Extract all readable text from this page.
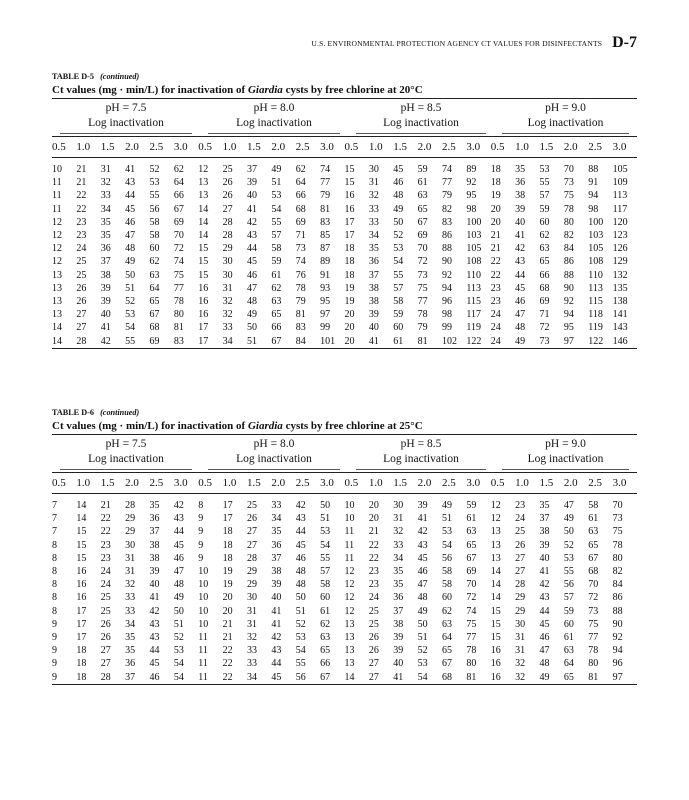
U.S. ENVIRONMENTAL PROTECTION AGENCY CT VALUES FOR DISINFECTANTS D-7
TABLE D-5 (continued)
Ct values (mg · min/L) for inactivation of Giardia cysts by free chlorine at 20°C
pH = 7.5
Log inactivation
pH = 8.0
Log inactivation
pH = 8.5
Log inactivation
pH = 9.0
Log inactivation
0.5	1.0	1.5	2.0	2.5	3.0	0.5	1.0	1.5	2.0	2.5	3.0	0.5	1.0	1.5	2.0	2.5	3.0	0.5	1.0	1.5	2.0	2.5	3.0
10	21	31	41	52	62	12	25	37	49	62	74	15	30	45	59	74	89	18	35	53	70	88	105
11	21	32	43	53	64	13	26	39	51	64	77	15	31	46	61	77	92	18	36	55	73	91	109
11	22	33	44	55	66	13	26	40	53	66	79	16	32	48	63	79	95	19	38	57	75	94	113
11	22	34	45	56	67	14	27	41	54	68	81	16	33	49	65	82	98	20	39	59	78	98	117
12	23	35	46	58	69	14	28	42	55	69	83	17	33	50	67	83	100	20	40	60	80	100	120
12	23	35	47	58	70	14	28	43	57	71	85	17	34	52	69	86	103	21	41	62	82	103	123
12	24	36	48	60	72	15	29	44	58	73	87	18	35	53	70	88	105	21	42	63	84	105	126
12	25	37	49	62	74	15	30	45	59	74	89	18	36	54	72	90	108	22	43	65	86	108	129
13	25	38	50	63	75	15	30	46	61	76	91	18	37	55	73	92	110	22	44	66	88	110	132
13	26	39	51	64	77	16	31	47	62	78	93	19	38	57	75	94	113	23	45	68	90	113	135
13	26	39	52	65	78	16	32	48	63	79	95	19	38	58	77	96	115	23	46	69	92	115	138
13	27	40	53	67	80	16	32	49	65	81	97	20	39	59	78	98	117	24	47	71	94	118	141
14	27	41	54	68	81	17	33	50	66	83	99	20	40	60	79	99	119	24	48	72	95	119	143
14	28	42	55	69	83	17	34	51	67	84	101	20	41	61	81	102	122	24	49	73	97	122	146
TABLE D-6 (continued)
Ct values (mg · min/L) for inactivation of Giardia cysts by free chlorine at 25°C
pH = 7.5
Log inactivation
pH = 8.0
Log inactivation
pH = 8.5
Log inactivation
pH = 9.0
Log inactivation
0.5	1.0	1.5	2.0	2.5	3.0	0.5	1.0	1.5	2.0	2.5	3.0	0.5	1.0	1.5	2.0	2.5	3.0	0.5	1.0	1.5	2.0	2.5	3.0
7	14	21	28	35	42	8	17	25	33	42	50	10	20	30	39	49	59	12	23	35	47	58	70
7	14	22	29	36	43	9	17	26	34	43	51	10	20	31	41	51	61	12	24	37	49	61	73
7	15	22	29	37	44	9	18	27	35	44	53	11	21	32	42	53	63	13	25	38	50	63	75
8	15	23	30	38	45	9	18	27	36	45	54	11	22	33	43	54	65	13	26	39	52	65	78
8	15	23	31	38	46	9	18	28	37	46	55	11	22	34	45	56	67	13	27	40	53	67	80
8	16	24	31	39	47	10	19	29	38	48	57	12	23	35	46	58	69	14	27	41	55	68	82
8	16	24	32	40	48	10	19	29	39	48	58	12	23	35	47	58	70	14	28	42	56	70	84
8	16	25	33	41	49	10	20	30	40	50	60	12	24	36	48	60	72	14	29	43	57	72	86
8	17	25	33	42	50	10	20	31	41	51	61	12	25	37	49	62	74	15	29	44	59	73	88
9	17	26	34	43	51	10	21	31	41	52	62	13	25	38	50	63	75	15	30	45	60	75	90
9	17	26	35	43	52	11	21	32	42	53	63	13	26	39	51	64	77	15	31	46	61	77	92
9	18	27	35	44	53	11	22	33	43	54	65	13	26	39	52	65	78	16	31	47	63	78	94
9	18	27	36	45	54	11	22	33	44	55	66	13	27	40	53	67	80	16	32	48	64	80	96
9	18	28	37	46	54	11	22	34	45	56	67	14	27	41	54	68	81	16	32	49	65	81	97
